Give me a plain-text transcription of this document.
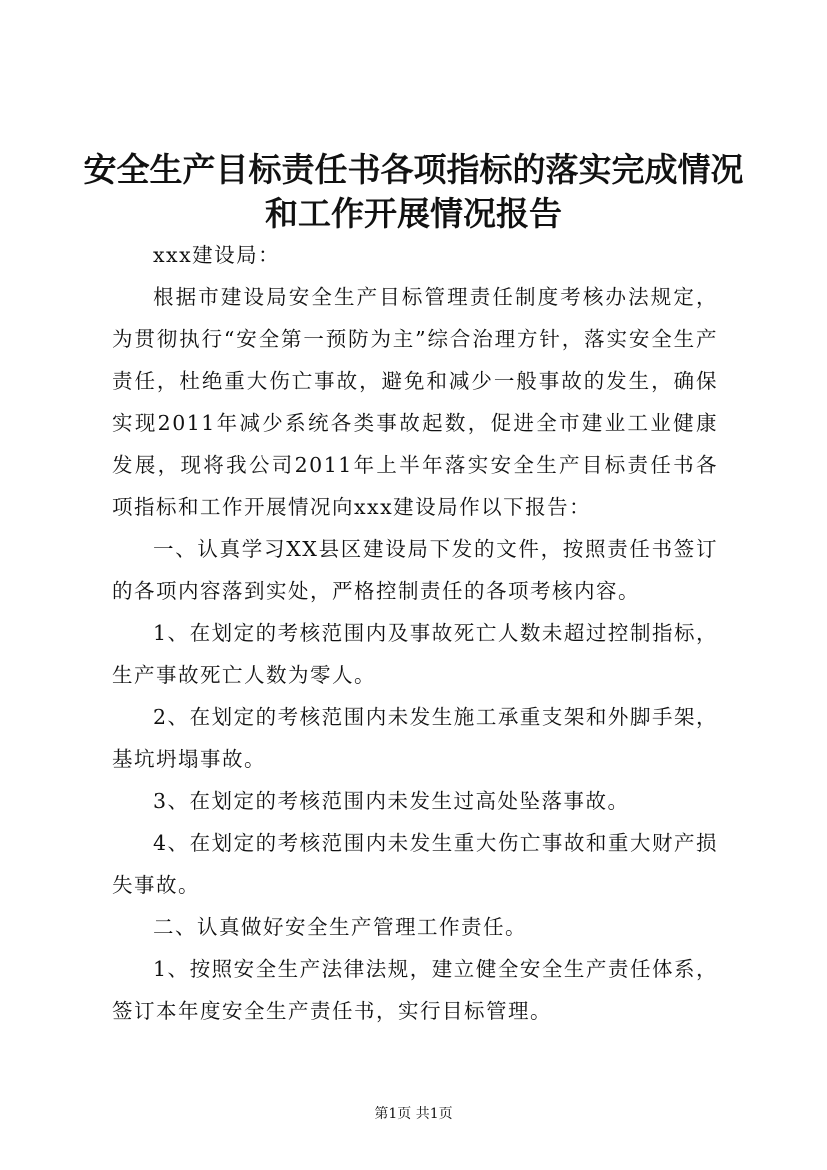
安全生产目标责任书各项指标的落实完成情况
和工作开展情况报告

xxx建设局：

根据市建设局安全生产目标管理责任制度考核办法规定，为贯彻执行“安全第一预防为主”综合治理方针，落实安全生产责任，杜绝重大伤亡事故，避免和减少一般事故的发生，确保实现2011年减少系统各类事故起数，促进全市建业工业健康发展，现将我公司2011年上半年落实安全生产目标责任书各项指标和工作开展情况向xxx建设局作以下报告：

一、认真学习XX县区建设局下发的文件，按照责任书签订的各项内容落到实处，严格控制责任的各项考核内容。

1、在划定的考核范围内及事故死亡人数未超过控制指标，生产事故死亡人数为零人。

2、在划定的考核范围内未发生施工承重支架和外脚手架，基坑坍塌事故。

3、在划定的考核范围内未发生过高处坠落事故。

4、在划定的考核范围内未发生重大伤亡事故和重大财产损失事故。

二、认真做好安全生产管理工作责任。

1、按照安全生产法律法规，建立健全安全生产责任体系，签订本年度安全生产责任书，实行目标管理。

第1页 共1页
